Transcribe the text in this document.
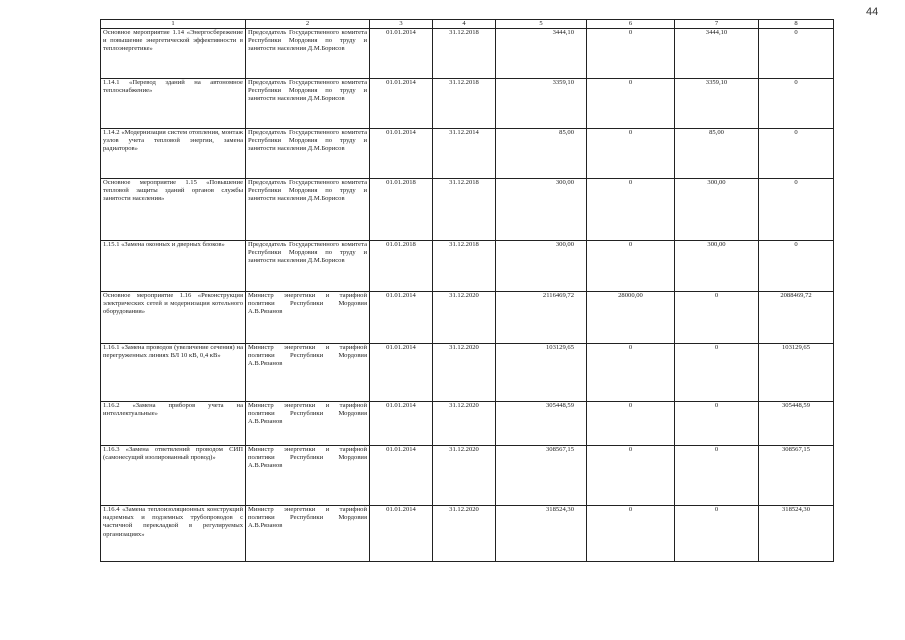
44
1	2	3	4	5	6	7	8
Основное мероприятие 1.14 «Энергосбережение и повышение энергетической эффективности в теплоэнергетике»	Председатель Государственного комитета Республики Мордовия по труду и занятости населения Д.М.Борисов	01.01.2014	31.12.2018	3444,10	0	3444,10	0
1.14.1 «Перевод зданий на автономное теплоснабжение»	Председатель Государственного комитета Республики Мордовия по труду и занятости населения Д.М.Борисов	01.01.2014	31.12.2018	3359,10	0	3359,10	0
1.14.2 «Модернизация систем отопления, монтаж узлов учета тепловой энергии, замена радиаторов»	Председатель Государственного комитета Республики Мордовия по труду и занятости населения Д.М.Борисов	01.01.2014	31.12.2014	85,00	0	85,00	0
Основное мероприятие 1.15 «Повышение тепловой защиты зданий органов службы занятости населения»	Председатель Государственного комитета Республики Мордовия по труду и занятости населения Д.М.Борисов	01.01.2018	31.12.2018	300,00	0	300,00	0
1.15.1 «Замена оконных и дверных блоков»	Председатель Государственного комитета Республики Мордовия по труду и занятости населения Д.М.Борисов	01.01.2018	31.12.2018	300,00	0	300,00	0
Основное мероприятие 1.16 «Реконструкция электрических сетей и модернизация котельного оборудования»	Министр энергетики и тарифной политики Республики Мордовия А.В.Рязанов	01.01.2014	31.12.2020	2116469,72	28000,00	0	2088469,72
1.16.1 «Замена проводов (увеличение сечения) на перегруженных линиях ВЛ 10 кВ, 0,4 кВ»	Министр энергетики и тарифной политики Республики Мордовия А.В.Рязанов	01.01.2014	31.12.2020	103129,65	0	0	103129,65
1.16.2 «Замена приборов учета на интеллектуальные»	Министр энергетики и тарифной политики Республики Мордовия А.В.Рязанов	01.01.2014	31.12.2020	305448,59	0	0	305448,59
1.16.3 «Замена ответвлений проводом СИП (самонесущий изолированный провод)»	Министр энергетики и тарифной политики Республики Мордовия А.В.Рязанов	01.01.2014	31.12.2020	308567,15	0	0	308567,15
1.16.4 «Замена теплоизоляционных конструкций надземных и подземных трубопроводов с частичной перекладкой в регулируемых организациях»	Министр энергетики и тарифной политики Республики Мордовия А.В.Рязанов	01.01.2014	31.12.2020	318524,30	0	0	318524,30
